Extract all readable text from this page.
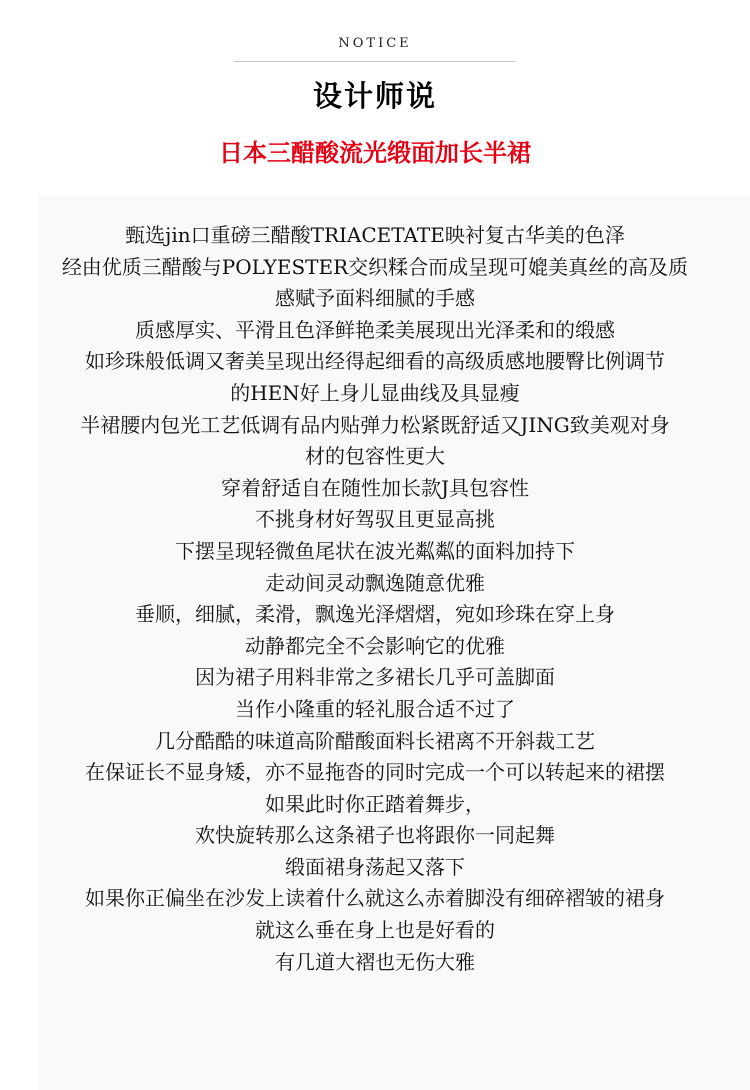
NOTICE
设计师说
日本三醋酸流光缎面加长半裙
甄选jin口重磅三醋酸TRIACETATE映衬复古华美的色泽
经由优质三醋酸与POLYESTER交织糅合而成呈现可媲美真丝的高及质
感赋予面料细腻的手感
质感厚实、平滑且色泽鲜艳柔美展现出光泽柔和的缎感
如珍珠般低调又奢美呈现出经得起细看的高级质感地腰臀比例调节
的HEN好上身儿显曲线及具显瘦
半裙腰内包光工艺低调有品内贴弹力松紧既舒适又JING致美观对身
材的包容性更大
穿着舒适自在随性加长款J具包容性
不挑身材好驾驭且更显高挑
下摆呈现轻微鱼尾状在波光粼粼的面料加持下
走动间灵动飘逸随意优雅
垂顺，细腻，柔滑，飘逸光泽熠熠，宛如珍珠在穿上身
动静都完全不会影响它的优雅
因为裙子用料非常之多裙长几乎可盖脚面
当作小隆重的轻礼服合适不过了
几分酷酷的味道高阶醋酸面料长裙离不开斜裁工艺
在保证长不显身矮，亦不显拖沓的同时完成一个可以转起来的裙摆
如果此时你正踏着舞步，
欢快旋转那么这条裙子也将跟你一同起舞
缎面裙身荡起又落下
如果你正偏坐在沙发上读着什么就这么赤着脚没有细碎褶皱的裙身
就这么垂在身上也是好看的
有几道大褶也无伤大雅
